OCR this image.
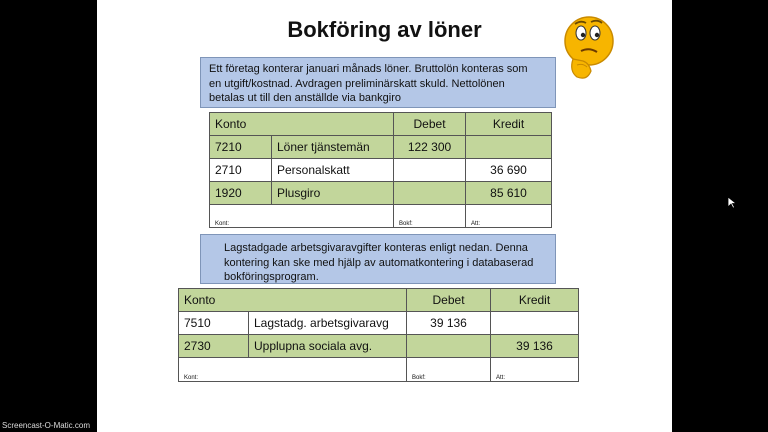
Bokföring av löner
Ett företag konterar januari månads löner. Bruttolön konteras som
en utgift/kostnad. Avdragen preliminärskatt skuld. Nettolönen
betalas ut till den anställde via bankgiro
Konto		Debet	Kredit
7210	Löner tjänstemän	122 300	
2710	Personalskatt		36 690
1920	Plusgiro		85 610
Kont:		Bokf:	Att:
Lagstadgade arbetsgivaravgifter konteras enligt nedan. Denna
kontering kan ske med hjälp av automatkontering i databaserad
bokföringsprogram.
Konto		Debet	Kredit
7510	Lagstadg. arbetsgivaravg	39 136	
2730	Upplupna sociala avg.		39 136
Kont:		Bokf:	Att:
Screencast-O-Matic.com
